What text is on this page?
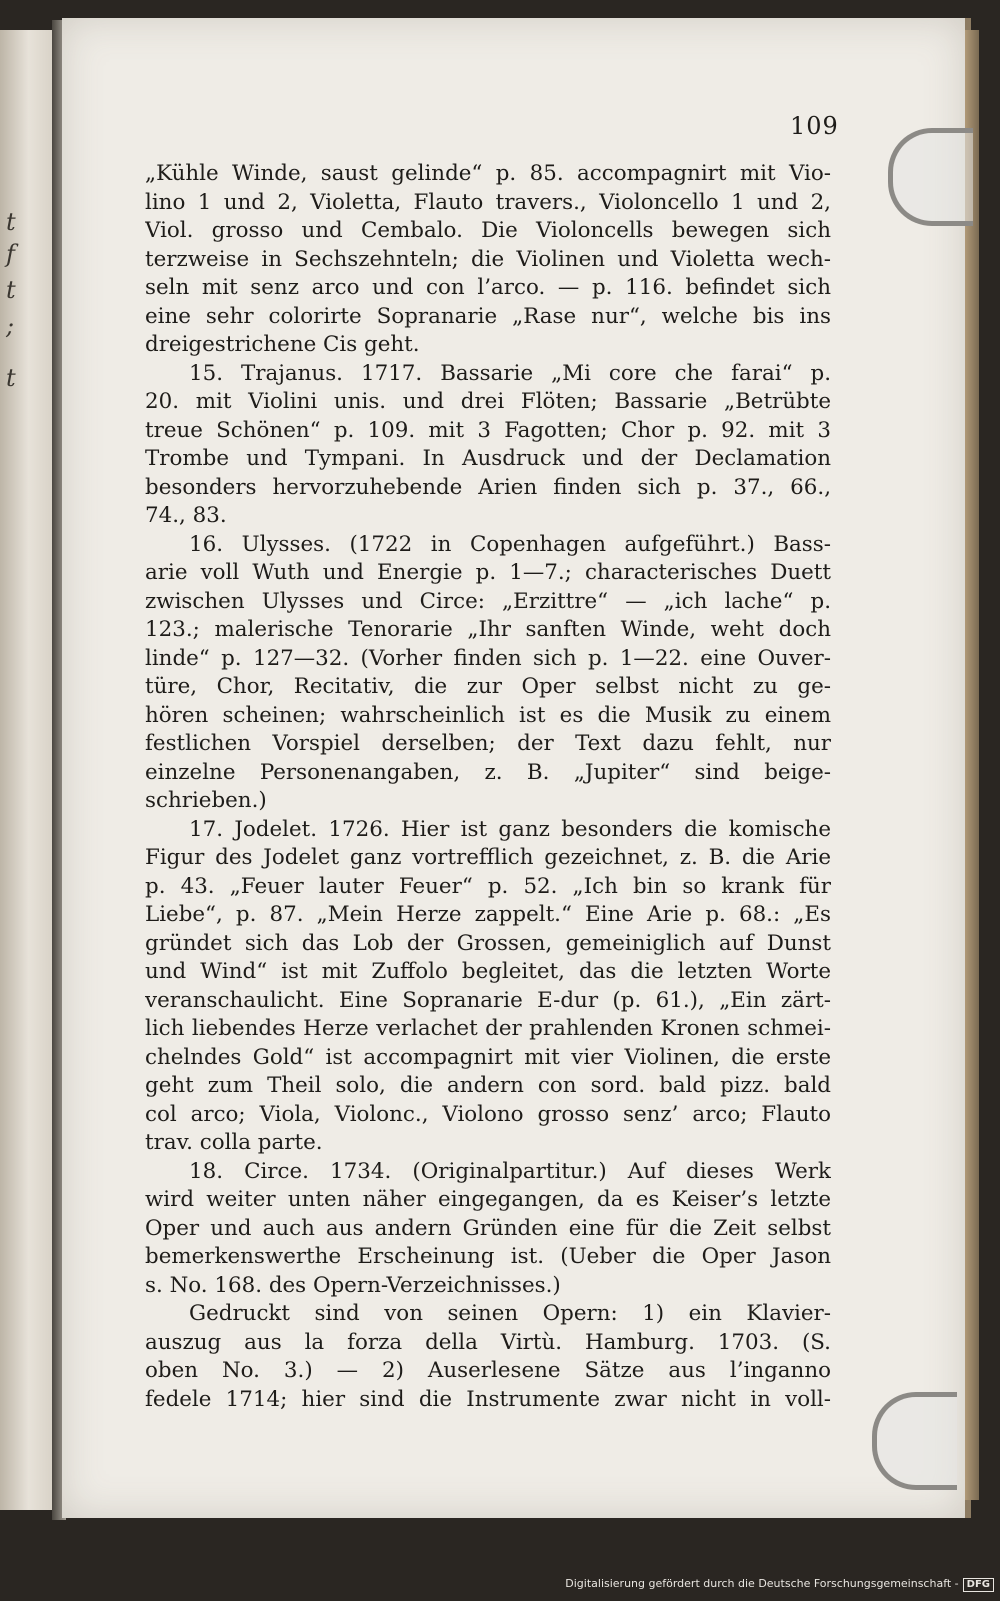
t
f
t
;
t
109
„Kühle Winde, saust gelinde“ p. 85. accompagnirt mit Vio-
lino 1 und 2, Violetta, Flauto travers., Violoncello 1 und 2,
Viol. grosso und Cembalo. Die Violoncells bewegen sich
terzweise in Sechszehnteln; die Violinen und Violetta wech-
seln mit senz arco und con l’arco. — p. 116. befindet sich
eine sehr colorirte Sopranarie „Rase nur“, welche bis ins
dreigestrichene Cis geht.
15. Trajanus. 1717. Bassarie „Mi core che farai“ p.
20. mit Violini unis. und drei Flöten; Bassarie „Betrübte
treue Schönen“ p. 109. mit 3 Fagotten; Chor p. 92. mit 3
Trombe und Tympani. In Ausdruck und der Declamation
besonders hervorzuhebende Arien finden sich p. 37., 66.,
74., 83.
16. Ulysses. (1722 in Copenhagen aufgeführt.) Bass-
arie voll Wuth und Energie p. 1—7.; characterisches Duett
zwischen Ulysses und Circe: „Erzittre“ — „ich lache“ p.
123.; malerische Tenorarie „Ihr sanften Winde, weht doch
linde“ p. 127—32. (Vorher finden sich p. 1—22. eine Ouver-
türe, Chor, Recitativ, die zur Oper selbst nicht zu ge-
hören scheinen; wahrscheinlich ist es die Musik zu einem
festlichen Vorspiel derselben; der Text dazu fehlt, nur
einzelne Personenangaben, z. B. „Jupiter“ sind beige-
schrieben.)
17. Jodelet. 1726. Hier ist ganz besonders die komische
Figur des Jodelet ganz vortrefflich gezeichnet, z. B. die Arie
p. 43. „Feuer lauter Feuer“ p. 52. „Ich bin so krank für
Liebe“, p. 87. „Mein Herze zappelt.“ Eine Arie p. 68.: „Es
gründet sich das Lob der Grossen, gemeiniglich auf Dunst
und Wind“ ist mit Zuffolo begleitet, das die letzten Worte
veranschaulicht. Eine Sopranarie E-dur (p. 61.), „Ein zärt-
lich liebendes Herze verlachet der prahlenden Kronen schmei-
chelndes Gold“ ist accompagnirt mit vier Violinen, die erste
geht zum Theil solo, die andern con sord. bald pizz. bald
col arco; Viola, Violonc., Violono grosso senz’ arco; Flauto
trav. colla parte.
18. Circe. 1734. (Originalpartitur.) Auf dieses Werk
wird weiter unten näher eingegangen, da es Keiser’s letzte
Oper und auch aus andern Gründen eine für die Zeit selbst
bemerkenswerthe Erscheinung ist. (Ueber die Oper Jason
s. No. 168. des Opern-Verzeichnisses.)
Gedruckt sind von seinen Opern: 1) ein Klavier-
auszug aus la forza della Virtù. Hamburg. 1703. (S.
oben No. 3.) — 2) Auserlesene Sätze aus l’inganno
fedele 1714; hier sind die Instrumente zwar nicht in voll-
Digitalisierung gefördert durch die Deutsche Forschungsgemeinschaft - DFG
